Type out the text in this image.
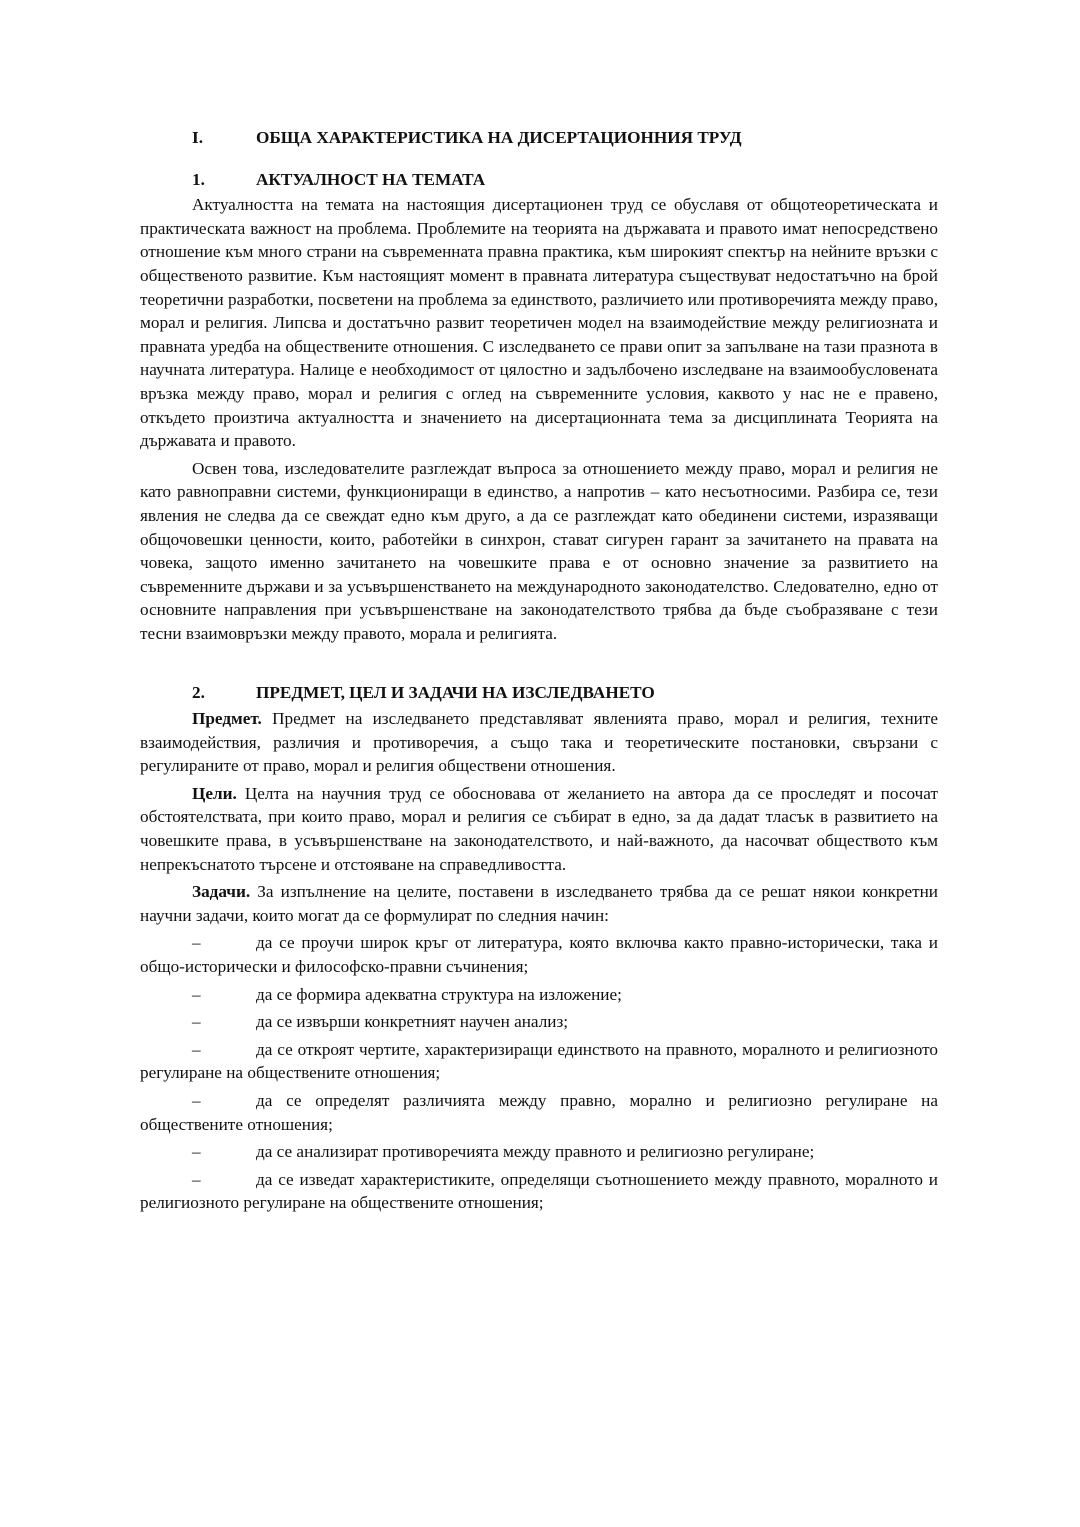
I.	ОБЩА ХАРАКТЕРИСТИКА НА ДИСЕРТАЦИОННИЯ ТРУД
1.	АКТУАЛНОСТ НА ТЕМАТА

Актуалността на темата на настоящия дисертационен труд се обуславя от общотеоретическата и практическата важност на проблема. Проблемите на теорията на държавата и правото имат непосредствено отношение към много страни на съвременната правна практика, към широкият спектър на нейните връзки с общественото развитие. Към настоящият момент в правната литература съществуват недостатъчно на брой теоретични разработки, посветени на проблема за единството, различието или противоречията между право, морал и религия. Липсва и достатъчно развит теоретичен модел на взаимодействие между религиозната и правната уредба на обществените отношения. С изследването се прави опит за запълване на тази празнота в научната литература. Налице е необходимост от цялостно и задълбочено изследване на взаимообусловената връзка между право, морал и религия с оглед на съвременните условия, каквото у нас не е правено, откъдето произтича актуалността и значението на дисертационната тема за дисциплината Теорията на държавата и правото.

Освен това, изследователите разглеждат въпроса за отношението между право, морал и религия не като равноправни системи, функциониращи в единство, а напротив – като несъотносими. Разбира се, тези явления не следва да се свеждат едно към друго, а да се разглеждат като обединени системи, изразяващи общочовешки ценности, които, работейки в синхрон, стават сигурен гарант за зачитането на правата на човека, защото именно зачитането на човешките права е от основно значение за развитието на съвременните държави и за усъвършенстването на международното законодателство. Следователно, едно от основните направления при усъвършенстване на законодателството трябва да бъде съобразяване с тези тесни взаимовръзки между правото, морала и религията.

2.	ПРЕДМЕТ, ЦЕЛ И ЗАДАЧИ НА ИЗСЛЕДВАНЕТО

Предмет. Предмет на изследването представляват явленията право, морал и религия, техните взаимодействия, различия и противоречия, а също така и теоретическите постановки, свързани с регулираните от право, морал и религия обществени отношения.

Цели. Целта на научния труд се обосновава от желанието на автора да се проследят и посочат обстоятелствата, при които право, морал и религия се събират в едно, за да дадат тласък в развитието на човешките права, в усъвършенстване на законодателството, и най-важното, да насочват обществото към непрекъснатото търсене и отстояване на справедливостта.

Задачи. За изпълнение на целите, поставени в изследването трябва да се решат някои конкретни научни задачи, които могат да се формулират по следния начин:

–	да се проучи широк кръг от литература, която включва както правно-исторически, така и общо-исторически и философско-правни съчинения;

–	да се формира адекватна структура на изложение;

–	да се извърши конкретният научен анализ;

–	да се откроят чертите, характеризиращи единството на правното, моралното и религиозното регулиране на обществените отношения;

–	да се определят различията между правно, морално и религиозно регулиране на обществените отношения;

–	да се анализират противоречията между правното и религиозно регулиране;

–	да се изведат характеристиките, определящи съотношението между правното, моралното и религиозното регулиране на обществените отношения;
